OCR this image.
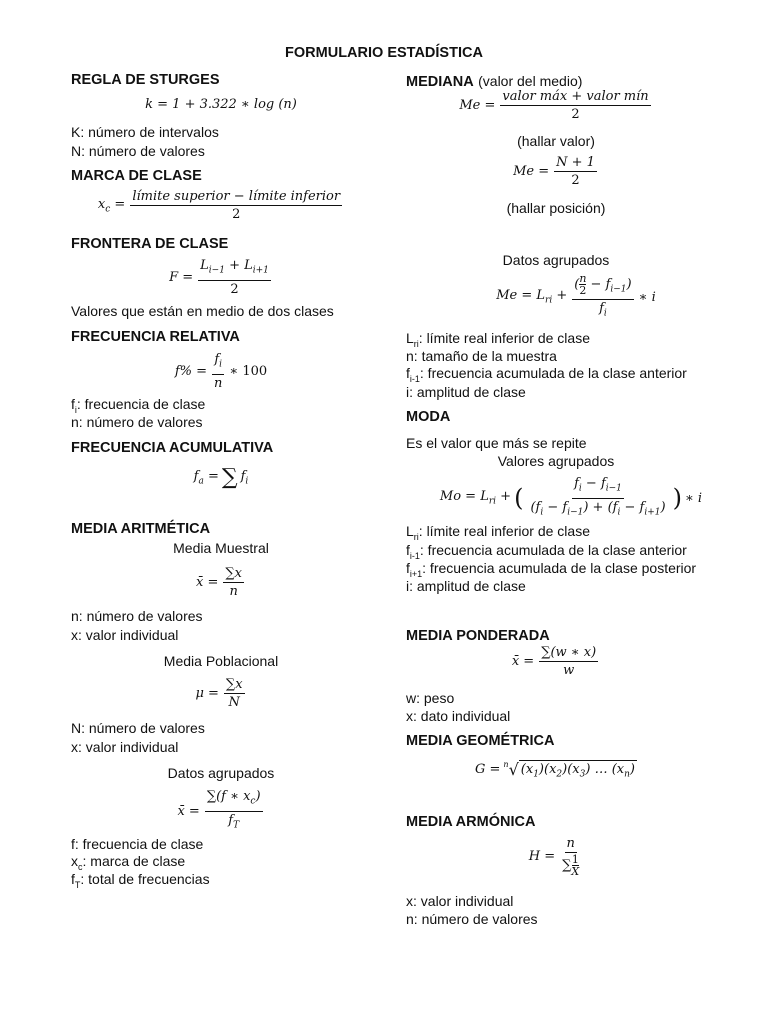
FORMULARIO ESTADÍSTICA
REGLA DE STURGES
k = 1 + 3.322 ∗ log (n)
K: número de intervalos
N: número de valores
MARCA DE CLASE
$x_c = \frac{\text{límite superior − límite inferior}}{2}$
FRONTERA DE CLASE
$F = \frac{L_{i-1} + L_{i+1}}{2}$
Valores que están en medio de dos clases
FRECUENCIA RELATIVA
$f\% = \frac{f_i}{n}$ ∗ 100
$f_i$: frecuencia de clase
n: número de valores
FRECUENCIA ACUMULATIVA
$f_a$ = ∑ $f_i$
MEDIA ARITMÉTICA
Media Muestral
x̄ = $\frac{\sum x}{n}$
n: número de valores
x: valor individual
Media Poblacional
$\mu = \frac{\sum x}{N}$
N: número de valores
x: valor individual
Datos agrupados
x̄ = $\frac{\sum(f ∗ x_c)}{f_T}$
f: frecuencia de clase
$x_c$: marca de clase
$f_T$: total de frecuencias
MEDIANA (valor del medio)
$Me = \frac{\text{valor máx + valor mín}}{2}$
(hallar valor)
$Me = \frac{N + 1}{2}$
(hallar posición)
Datos agrupados
$Me = L_{ri} + \frac{( \frac{n}{2} - f_{i-1})}{f_i}$ ∗ i
$L_{ri}$: límite real inferior de clase
n: tamaño de la muestra
$f_{i-1}$: frecuencia acumulada de la clase anterior
i: amplitud de clase
MODA
Es el valor que más se repite
Valores agrupados
$Mo = L_{ri}$ + ( $\frac{f_i - f_{i-1}}{(f_i - f_{i-1}) + (f_i - f_{i+1})}$ ) ∗ i
$L_{ri}$: límite real inferior de clase
$f_{i-1}$: frecuencia acumulada de la clase anterior
$f_{i+1}$: frecuencia acumulada de la clase posterior
i: amplitud de clase
MEDIA PONDERADA
x̄ = $\frac{\sum(w ∗ x)}{w}$
w: peso
x: dato individual
MEDIA GEOMÉTRICA
G = n √ $(x_1)(x_2)(x_3)$ … $(x_n)$
MEDIA ARMÓNICA
$H = \frac{n}{\sum \frac{1}{X}}$
x: valor individual
n: número de valores
